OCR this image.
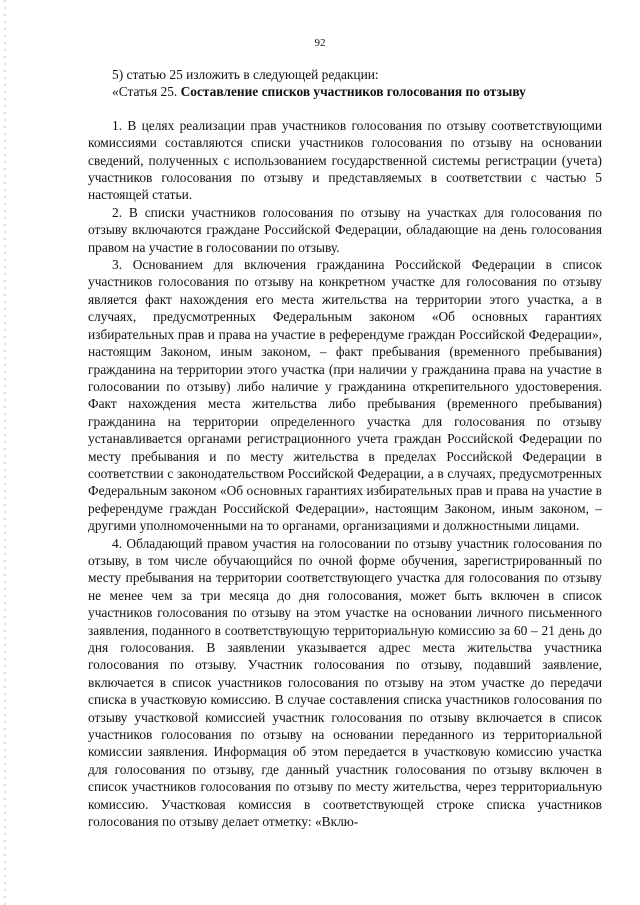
92

5) статью 25 изложить в следующей редакции:

«Статья 25. Составление списков участников голосования по отзыву

1. В целях реализации прав участников голосования по отзыву соответствующими комиссиями составляются списки участников голосования по отзыву на основании сведений, полученных с использованием государственной системы регистрации (учета) участников голосования по отзыву и представляемых в соответствии с частью 5 настоящей статьи.

2. В списки участников голосования по отзыву на участках для голосования по отзыву включаются граждане Российской Федерации, обладающие на день голосования правом на участие в голосовании по отзыву.

3. Основанием для включения гражданина Российской Федерации в список участников голосования по отзыву на конкретном участке для голосования по отзыву является факт нахождения его места жительства на территории этого участка, а в случаях, предусмотренных Федеральным законом «Об основных гарантиях избирательных прав и права на участие в референдуме граждан Российской Федерации», настоящим Законом, иным законом, – факт пребывания (временного пребывания) гражданина на территории этого участка (при наличии у гражданина права на участие в голосовании по отзыву) либо наличие у гражданина открепительного удостоверения. Факт нахождения места жительства либо пребывания (временного пребывания) гражданина на территории определенного участка для голосования по отзыву устанавливается органами регистрационного учета граждан Российской Федерации по месту пребывания и по месту жительства в пределах Российской Федерации в соответствии с законодательством Российской Федерации, а в случаях, предусмотренных Федеральным законом «Об основных гарантиях избирательных прав и права на участие в референдуме граждан Российской Федерации», настоящим Законом, иным законом, – другими уполномоченными на то органами, организациями и должностными лицами.

4. Обладающий правом участия на голосовании по отзыву участник голосования по отзыву, в том числе обучающийся по очной форме обучения, зарегистрированный по месту пребывания на территории соответствующего участка для голосования по отзыву не менее чем за три месяца до дня голосования, может быть включен в список участников голосования по отзыву на этом участке на основании личного письменного заявления, поданного в соответствующую территориальную комиссию за 60 – 21 день до дня голосования. В заявлении указывается адрес места жительства участника голосования по отзыву. Участник голосования по отзыву, подавший заявление, включается в список участников голосования по отзыву на этом участке до передачи списка в участковую комиссию. В случае составления списка участников голосования по отзыву участковой комиссией участник голосования по отзыву включается в список участников голосования по отзыву на основании переданного из территориальной комиссии заявления. Информация об этом передается в участковую комиссию участка для голосования по отзыву, где данный участник голосования по отзыву включен в список участников голосования по отзыву по месту жительства, через территориальную комиссию. Участковая комиссия в соответствующей строке списка участников голосования по отзыву делает отметку: «Вклю-
